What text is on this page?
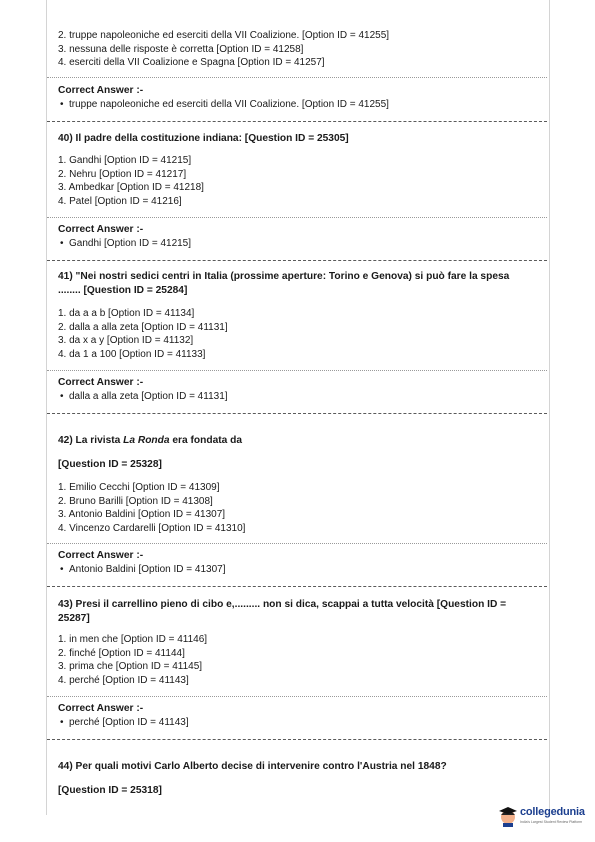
2. truppe napoleoniche ed eserciti della VII Coalizione. [Option ID = 41255]
3. nessuna delle risposte è corretta [Option ID = 41258]
4. eserciti della VII Coalizione e Spagna [Option ID = 41257]
Correct Answer :-
• truppe napoleoniche ed eserciti della VII Coalizione. [Option ID = 41255]
40) Il padre della costituzione indiana: [Question ID = 25305]
1. Gandhi [Option ID = 41215]
2. Nehru [Option ID = 41217]
3. Ambedkar [Option ID = 41218]
4. Patel [Option ID = 41216]
Correct Answer :-
• Gandhi [Option ID = 41215]
41) "Nei nostri sedici centri in Italia (prossime aperture: Torino e Genova) si può fare la spesa
........ [Question ID = 25284]
1. da a a b [Option ID = 41134]
2. dalla a alla zeta [Option ID = 41131]
3. da x a y [Option ID = 41132]
4. da 1 a 100 [Option ID = 41133]
Correct Answer :-
• dalla a alla zeta [Option ID = 41131]
42) La rivista La Ronda era fondata da
[Question ID = 25328]
1. Emilio Cecchi [Option ID = 41309]
2. Bruno Barilli [Option ID = 41308]
3. Antonio Baldini [Option ID = 41307]
4. Vincenzo Cardarelli [Option ID = 41310]
Correct Answer :-
• Antonio Baldini [Option ID = 41307]
43) Presi il carrellino pieno di cibo e,......... non si dica, scappai a tutta velocità [Question ID =
25287]
1. in men che [Option ID = 41146]
2. finché [Option ID = 41144]
3. prima che [Option ID = 41145]
4. perché [Option ID = 41143]
Correct Answer :-
• perché [Option ID = 41143]
44) Per quali motivi Carlo Alberto decise di intervenire contro l'Austria nel 1848?
[Question ID = 25318]
collegedunia
India's Largest Student Review Platform
